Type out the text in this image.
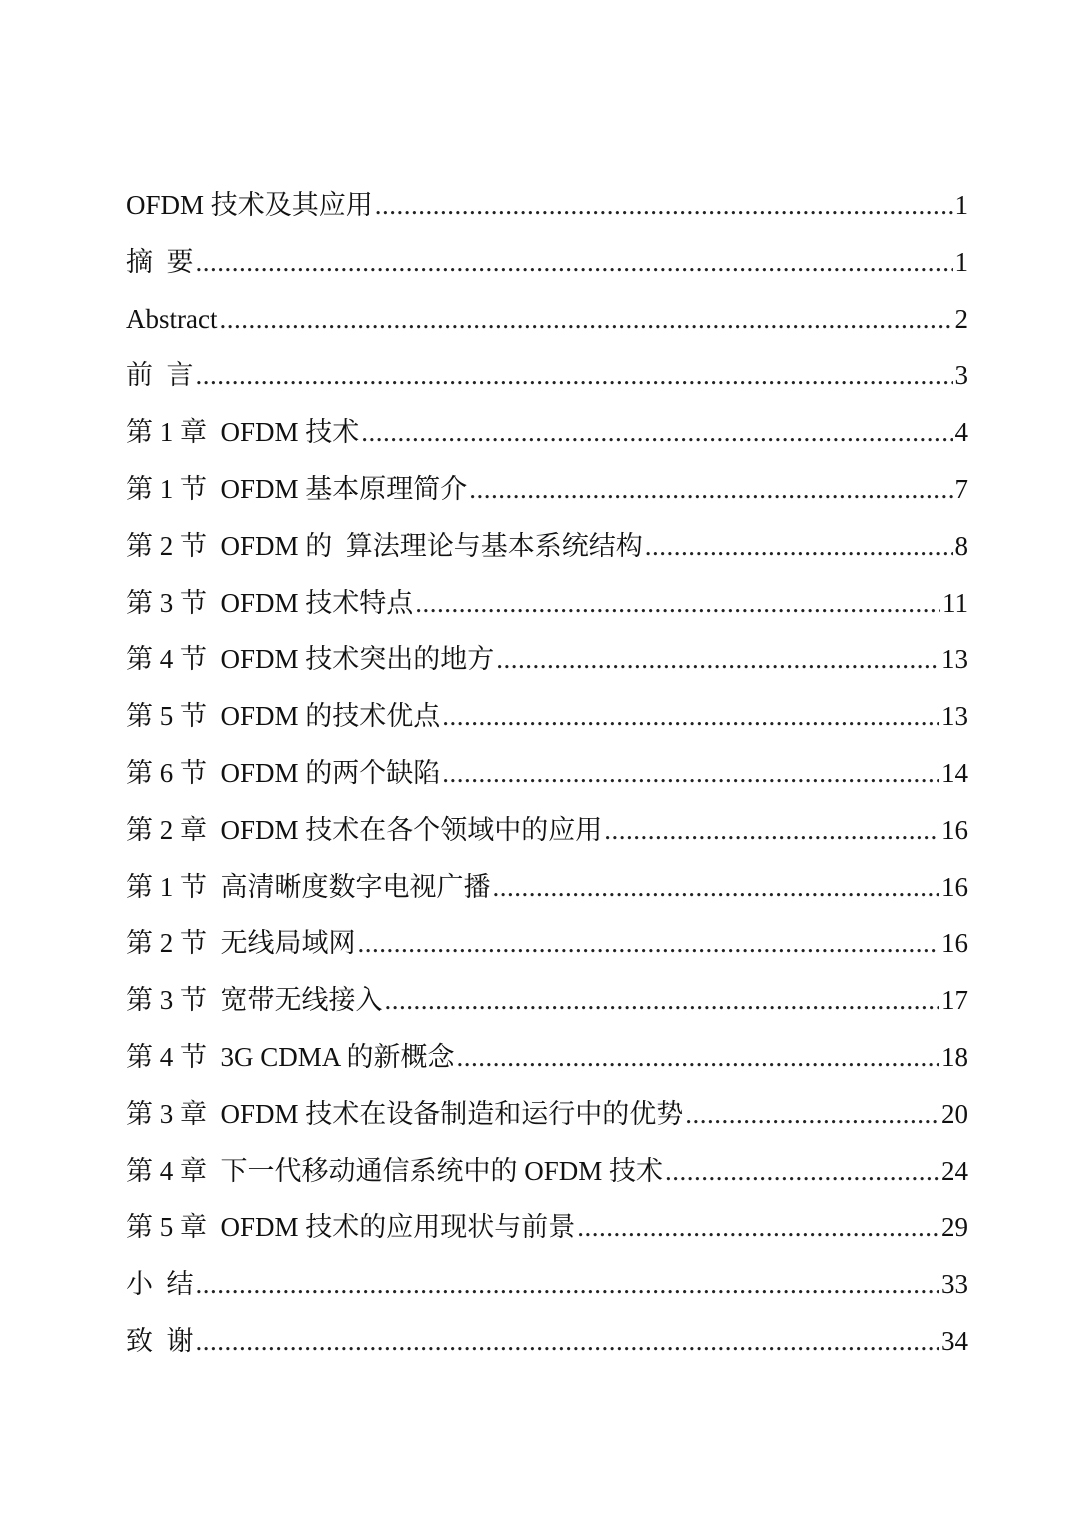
OFDM 技术及其应用 .....	1
摘  要 .....	1
Abstract .....	2
前  言 .....	3
第 1 章  OFDM 技术 .....	4
第 1 节  OFDM 基本原理简介 .....	7
第 2 节  OFDM 的  算法理论与基本系统结构 .....	8
第 3 节  OFDM 技术特点 .....	11
第 4 节  OFDM 技术突出的地方 .....	13
第 5 节  OFDM 的技术优点 .....	13
第 6 节  OFDM 的两个缺陷 .....	14
第 2 章  OFDM 技术在各个领域中的应用 .....	16
第 1 节  高清晰度数字电视广播 .....	16
第 2 节  无线局域网 .....	16
第 3 节  宽带无线接入 .....	17
第 4 节  3G CDMA 的新概念 .....	18
第 3 章  OFDM 技术在设备制造和运行中的优势 .....	20
第 4 章  下一代移动通信系统中的 OFDM 技术 .....	24
第 5 章  OFDM 技术的应用现状与前景 .....	29
小  结 .....	33
致  谢 .....	34
